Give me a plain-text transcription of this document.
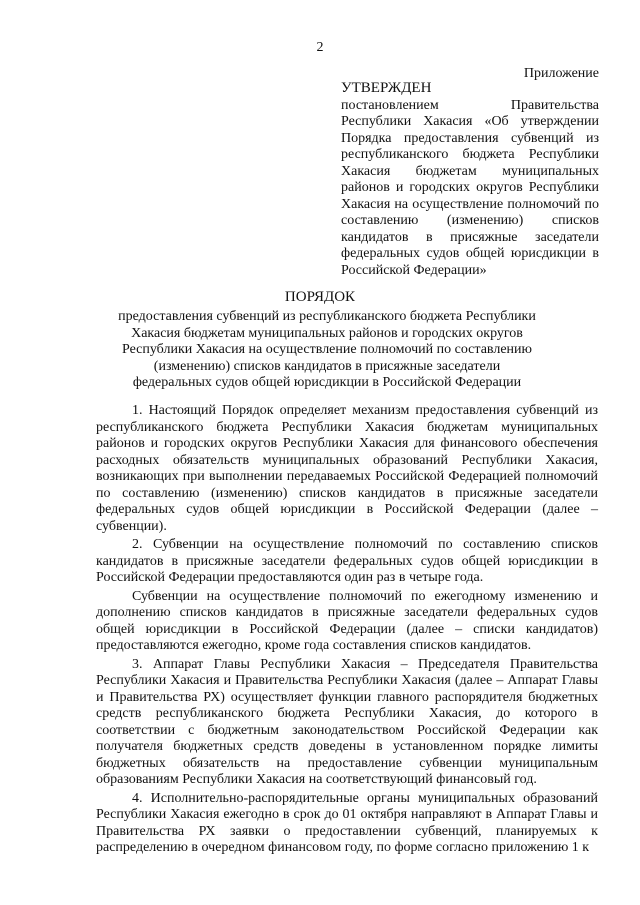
2
Приложение
УТВЕРЖДЕН
постановлением Правительства Республики Хакасия «Об утверждении Порядка предоставления субвенций из республиканского бюджета Республики Хакасия бюджетам муниципальных районов и городских округов Республики Хакасия на осуществление полномочий по составлению (изменению) списков кандидатов в присяжные заседатели федеральных судов общей юрисдикции в Российской Федерации»
ПОРЯДОК
предоставления субвенций из республиканского бюджета Республики Хакасия бюджетам муниципальных районов и городских округов Республики Хакасия на осуществление полномочий по составлению (изменению) списков кандидатов в присяжные заседатели федеральных судов общей юрисдикции в Российской Федерации

1. Настоящий Порядок определяет механизм предоставления субвенций из республиканского бюджета Республики Хакасия бюджетам муниципальных районов и городских округов Республики Хакасия для финансового обеспечения расходных обязательств муниципальных образований Республики Хакасия, возникающих при выполнении передаваемых Российской Федерацией полномочий по составлению (изменению) списков кандидатов в присяжные заседатели федеральных судов общей юрисдикции в Российской Федерации (далее – субвенции).

2. Субвенции на осуществление полномочий по составлению списков кандидатов в присяжные заседатели федеральных судов общей юрисдикции в Российской Федерации предоставляются один раз в четыре года.

Субвенции на осуществление полномочий по ежегодному изменению и дополнению списков кандидатов в присяжные заседатели федеральных судов общей юрисдикции в Российской Федерации (далее – списки кандидатов) предоставляются ежегодно, кроме года составления списков кандидатов.

3. Аппарат Главы Республики Хакасия – Председателя Правительства Республики Хакасия и Правительства Республики Хакасия (далее – Аппарат Главы и Правительства РХ) осуществляет функции главного распорядителя бюджетных средств республиканского бюджета Республики Хакасия, до которого в соответствии с бюджетным законодательством Российской Федерации как получателя бюджетных средств доведены в установленном порядке лимиты бюджетных обязательств на предоставление субвенции муниципальным образованиям Республики Хакасия на соответствующий финансовый год.

4. Исполнительно-распорядительные органы муниципальных образований Республики Хакасия ежегодно в срок до 01 октября направляют в Аппарат Главы и Правительства РХ заявки о предоставлении субвенций, планируемых к распределению в очередном финансовом году, по форме согласно приложению 1 к
